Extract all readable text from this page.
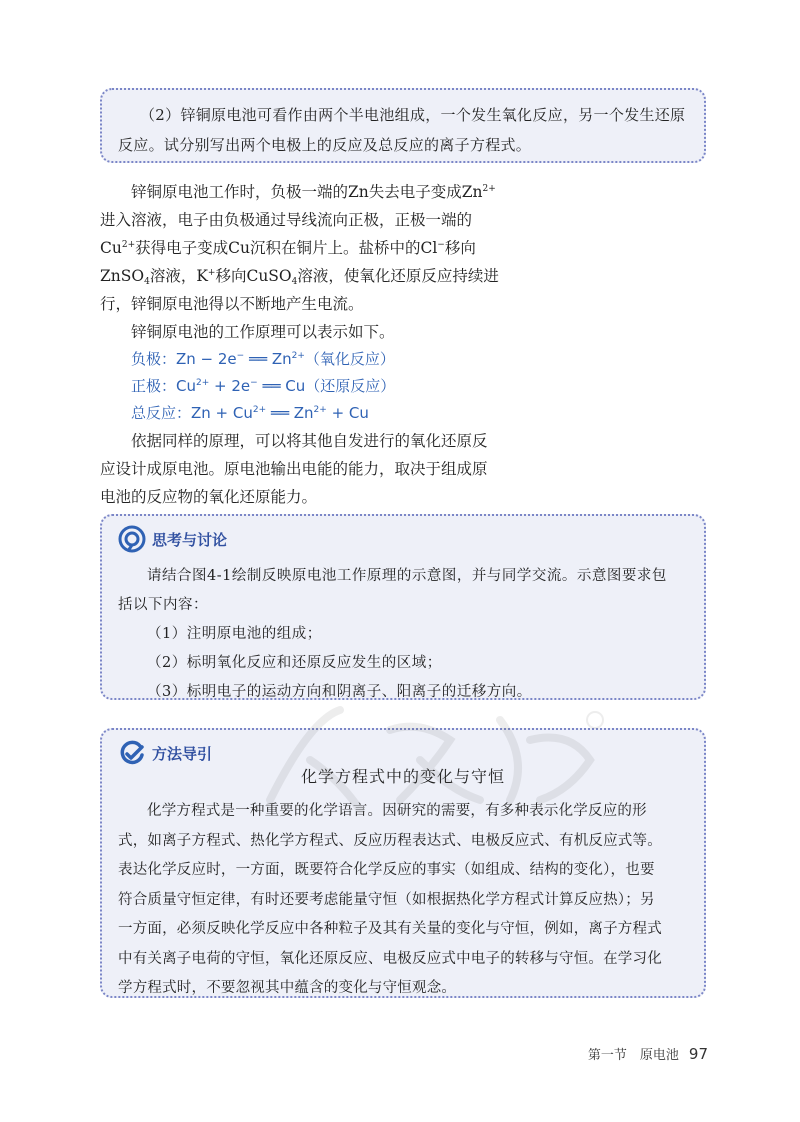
（2）锌铜原电池可看作由两个半电池组成，一个发生氧化反应，另一个发生还原

反应。试分别写出两个电极上的反应及总反应的离子方程式。

锌铜原电池工作时，负极一端的Zn失去电子变成$Zn^{2+}$

进入溶液，电子由负极通过导线流向正极，正极一端的

$Cu^{2+}$获得电子变成Cu沉积在铜片上。盐桥中的Cl−移向

ZnSO$_4$溶液，K+移向CuSO$_4$溶液，使氧化还原反应持续进

行，锌铜原电池得以不断地产生电流。

锌铜原电池的工作原理可以表示如下。

负极：Zn − 2e− ══ $Zn^{2+}$（氧化反应）

正极：$Cu^{2+} + 2e^-$ ══ Cu（还原反应）

总反应：$Zn + Cu^{2+}$ ══ $Zn^{2+} + Cu$

依据同样的原理，可以将其他自发进行的氧化还原反

应设计成原电池。原电池输出电能的能力，取决于组成原

电池的反应物的氧化还原能力。

思考与讨论

请结合图4-1绘制反映原电池工作原理的示意图，并与同学交流。示意图要求包

括以下内容：

（1）注明原电池的组成；

（2）标明氧化反应和还原反应发生的区域；

（3）标明电子的运动方向和阴离子、阳离子的迁移方向。

方法导引
化学方程式中的变化与守恒

化学方程式是一种重要的化学语言。因研究的需要，有多种表示化学反应的形

式，如离子方程式、热化学方程式、反应历程表达式、电极反应式、有机反应式等。

表达化学反应时，一方面，既要符合化学反应的事实（如组成、结构的变化），也要

符合质量守恒定律，有时还要考虑能量守恒（如根据热化学方程式计算反应热）；另

一方面，必须反映化学反应中各种粒子及其有关量的变化与守恒，例如，离子方程式

中有关离子电荷的守恒，氧化还原反应、电极反应式中电子的转移与守恒。在学习化

学方程式时，不要忽视其中蕴含的变化与守恒观念。

第一节　原电池 97
